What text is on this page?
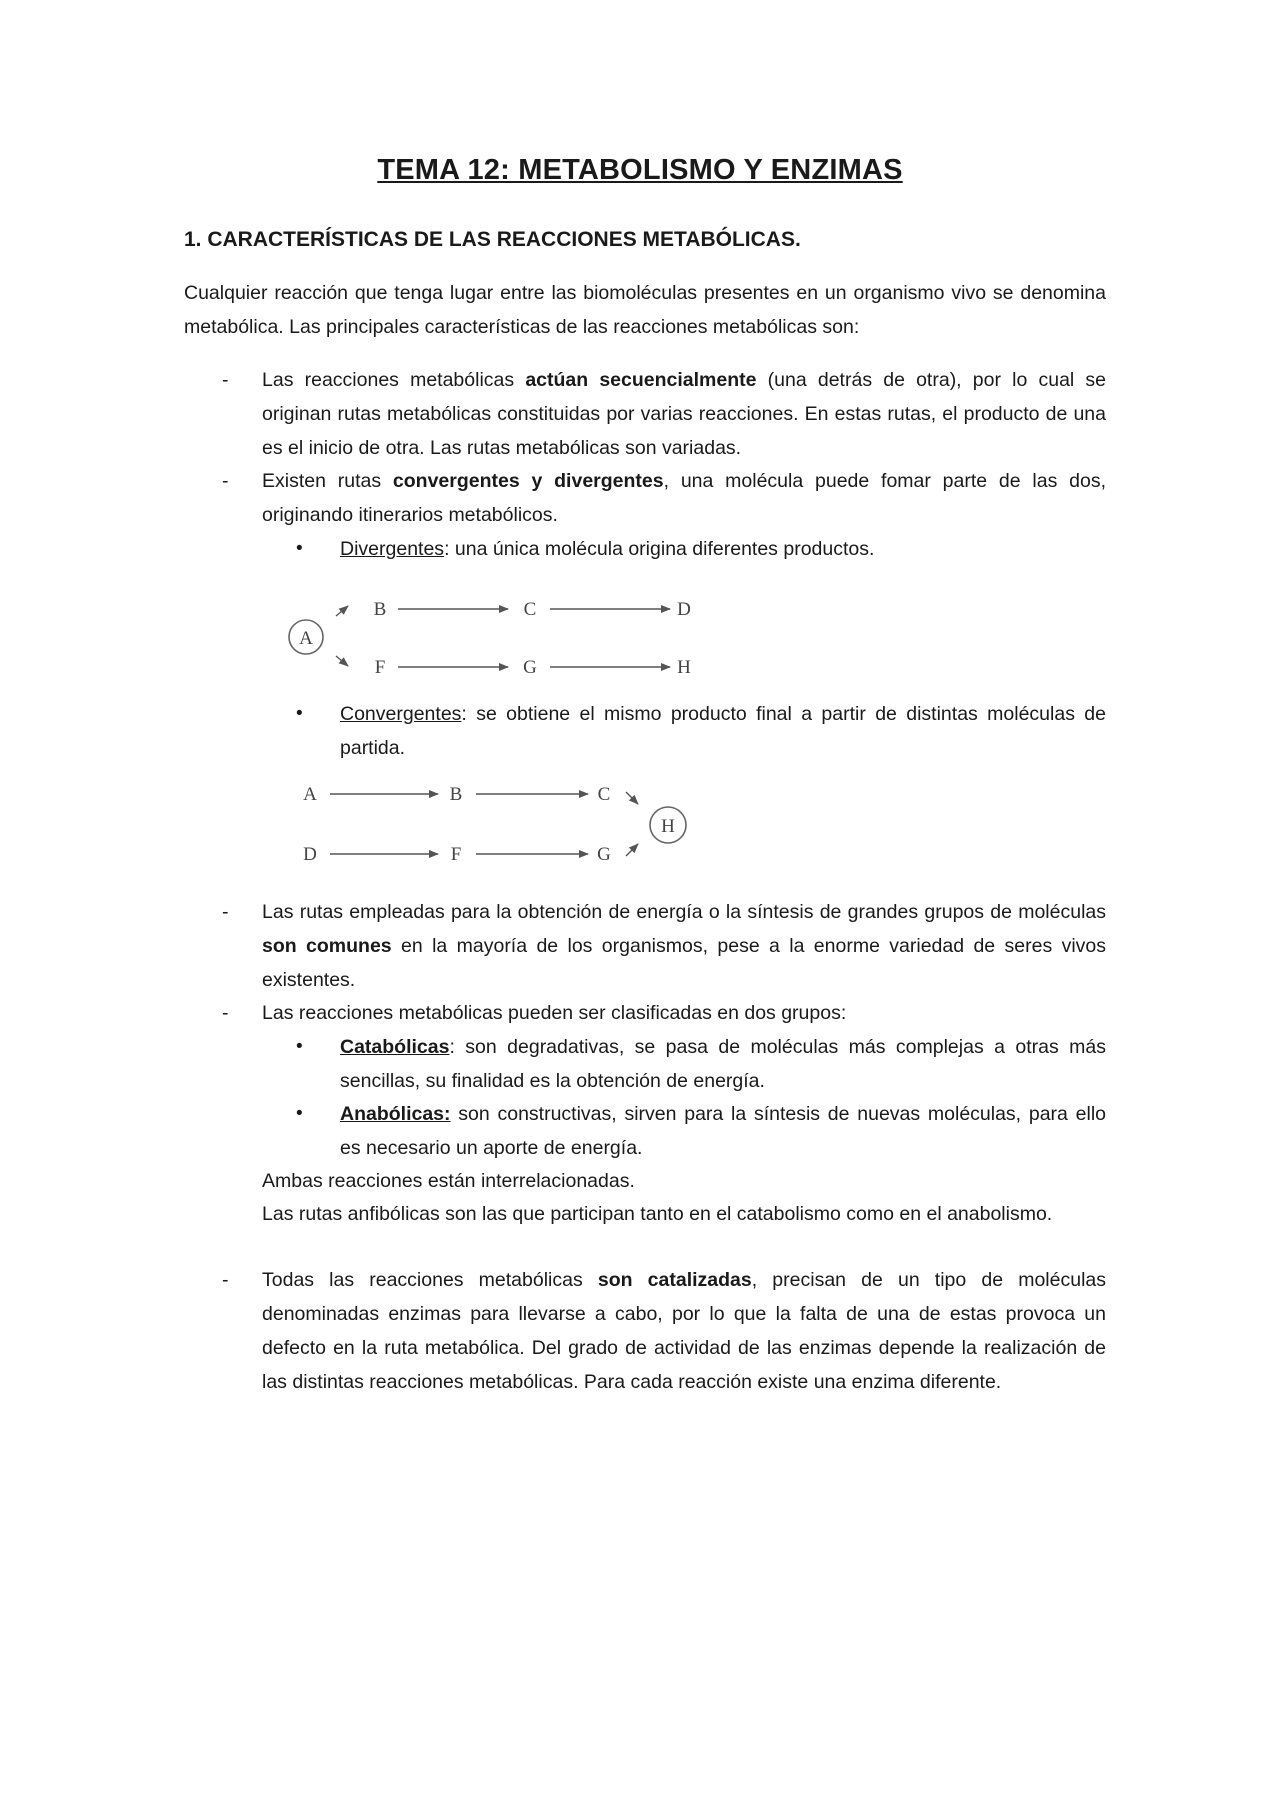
TEMA 12: METABOLISMO Y ENZIMAS
1. CARACTERÍSTICAS DE LAS REACCIONES METABÓLICAS.
Cualquier reacción que tenga lugar entre las biomoléculas presentes en un organismo vivo se denomina metabólica. Las principales características de las reacciones metabólicas son:
- Las reacciones metabólicas actúan secuencialmente (una detrás de otra), por lo cual se originan rutas metabólicas constituidas por varias reacciones. En estas rutas, el producto de una es el inicio de otra. Las rutas metabólicas son variadas.
- Existen rutas convergentes y divergentes, una molécula puede fomar parte de las dos, originando itinerarios metabólicos.
• Divergentes: una única molécula origina diferentes productos.
A
B	C	D
F	G	H
• Convergentes: se obtiene el mismo producto final a partir de distintas moléculas de partida.
A	B	C
D	F	G
H
- Las rutas empleadas para la obtención de energía o la síntesis de grandes grupos de moléculas son comunes en la mayoría de los organismos, pese a la enorme variedad de seres vivos existentes.
- Las reacciones metabólicas pueden ser clasificadas en dos grupos:
• Catabólicas: son degradativas, se pasa de moléculas más complejas a otras más sencillas, su finalidad es la obtención de energía.
• Anabólicas: son constructivas, sirven para la síntesis de nuevas moléculas, para ello es necesario un aporte de energía.
Ambas reacciones están interrelacionadas.
Las rutas anfibólicas son las que participan tanto en el catabolismo como en el anabolismo.
- Todas las reacciones metabólicas son catalizadas, precisan de un tipo de moléculas denominadas enzimas para llevarse a cabo, por lo que la falta de una de estas provoca un defecto en la ruta metabólica. Del grado de actividad de las enzimas depende la realización de las distintas reacciones metabólicas. Para cada reacción existe una enzima diferente.
